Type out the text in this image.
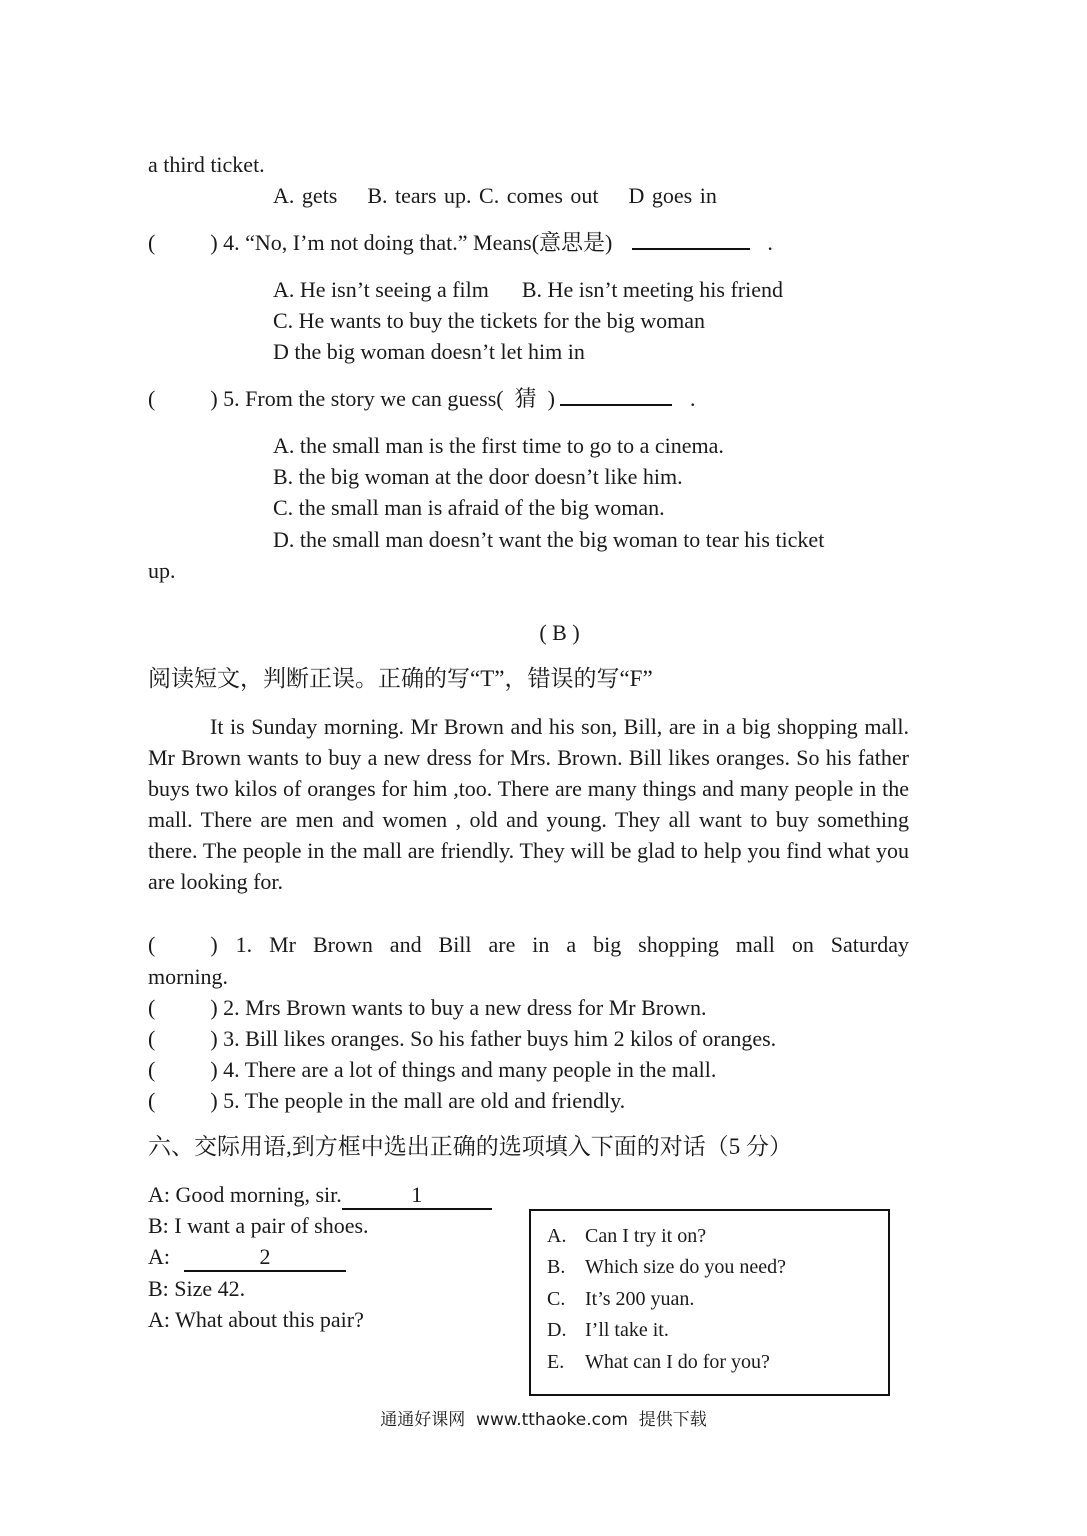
a third ticket.
A. gets    B. tears up. C. comes out    D goes in
(          ) 4. “No, I’m not doing that.” Means(意思是)	.
A. He isn’t seeing a film      B. He isn’t meeting his friend
C. He wants to buy the tickets for the big woman
D the big woman doesn’t let him in
(          ) 5. From the story we can guess(  猜  )	.
A. the small man is the first time to go to a cinema.
B. the big woman at the door doesn’t like him.
C. the small man is afraid of the big woman.
D. the small man doesn’t want the big woman to tear his ticket
up.
( B )
阅读短文，判断正误。正确的写“T”，错误的写“F”
It is Sunday morning. Mr Brown and his son, Bill, are in a big shopping mall. Mr Brown wants to buy a new dress for Mrs. Brown. Bill likes oranges. So his father buys two kilos of oranges for him ,too. There are many things and many people in the mall. There are men and women , old and young. They all want to buy something there. The people in the mall are friendly. They will be glad to help you find what you are looking for.
(          ) 1. Mr Brown and Bill are in a big shopping mall on Saturday
morning.
(          ) 2. Mrs Brown wants to buy a new dress for Mr Brown.
(          ) 3. Bill likes oranges. So his father buys him 2 kilos of oranges.
(          ) 4. There are a lot of things and many people in the mall.
(          ) 5. The people in the mall are old and friendly.
六、交际用语,到方框中选出正确的选项填入下面的对话（5 分）
A: Good morning, sir.	1
B: I want a pair of shoes.
A:	2
B: Size 42.
A: What about this pair?
A. Can I try it on?
B. Which size do you need?
C. It’s 200 yuan.
D. I’ll take it.
E. What can I do for you?
通通好课网  www.tthaoke.com  提供下载
